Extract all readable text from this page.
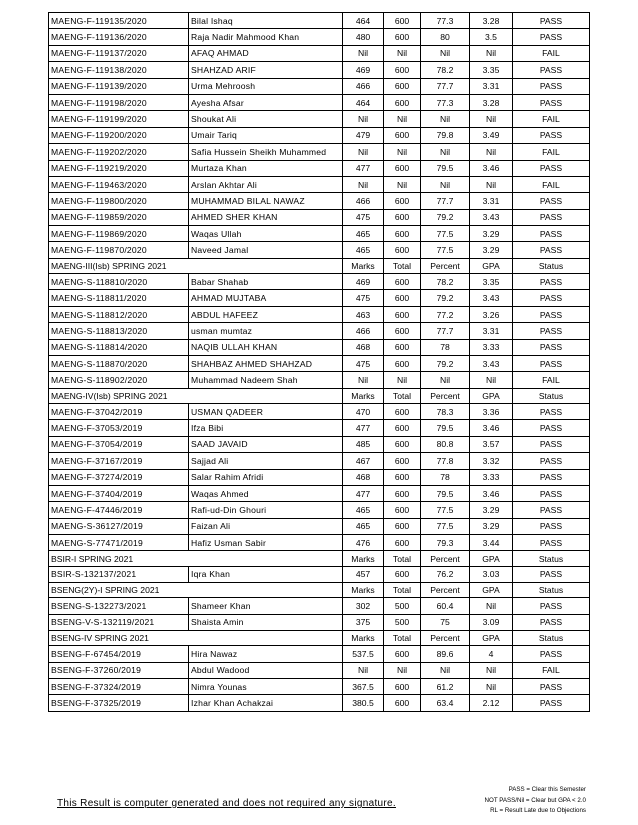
MAENG-F-119135/2020	Bilal Ishaq	464	600	77.3	3.28	PASS
MAENG-F-119136/2020	Raja Nadir Mahmood Khan	480	600	80	3.5	PASS
MAENG-F-119137/2020	AFAQ AHMAD	Nil	Nil	Nil	Nil	FAIL
MAENG-F-119138/2020	SHAHZAD ARIF	469	600	78.2	3.35	PASS
MAENG-F-119139/2020	Urma Mehroosh	466	600	77.7	3.31	PASS
MAENG-F-119198/2020	Ayesha Afsar	464	600	77.3	3.28	PASS
MAENG-F-119199/2020	Shoukat Ali	Nil	Nil	Nil	Nil	FAIL
MAENG-F-119200/2020	Umair Tariq	479	600	79.8	3.49	PASS
MAENG-F-119202/2020	Safia Hussein Sheikh Muhammed	Nil	Nil	Nil	Nil	FAIL
MAENG-F-119219/2020	Murtaza Khan	477	600	79.5	3.46	PASS
MAENG-F-119463/2020	Arslan Akhtar Ali	Nil	Nil	Nil	Nil	FAIL
MAENG-F-119800/2020	MUHAMMAD BILAL NAWAZ	466	600	77.7	3.31	PASS
MAENG-F-119859/2020	AHMED SHER KHAN	475	600	79.2	3.43	PASS
MAENG-F-119869/2020	Waqas Ullah	465	600	77.5	3.29	PASS
MAENG-F-119870/2020	Naveed Jamal	465	600	77.5	3.29	PASS
MAENG-III(Isb) SPRING 2021		Marks	Total	Percent	GPA	Status
MAENG-S-118810/2020	Babar Shahab	469	600	78.2	3.35	PASS
MAENG-S-118811/2020	AHMAD MUJTABA	475	600	79.2	3.43	PASS
MAENG-S-118812/2020	ABDUL HAFEEZ	463	600	77.2	3.26	PASS
MAENG-S-118813/2020	usman mumtaz	466	600	77.7	3.31	PASS
MAENG-S-118814/2020	NAQIB ULLAH KHAN	468	600	78	3.33	PASS
MAENG-S-118870/2020	SHAHBAZ AHMED SHAHZAD	475	600	79.2	3.43	PASS
MAENG-S-118902/2020	Muhammad Nadeem Shah	Nil	Nil	Nil	Nil	FAIL
MAENG-IV(Isb) SPRING 2021		Marks	Total	Percent	GPA	Status
MAENG-F-37042/2019	USMAN QADEER	470	600	78.3	3.36	PASS
MAENG-F-37053/2019	Ifza Bibi	477	600	79.5	3.46	PASS
MAENG-F-37054/2019	SAAD JAVAID	485	600	80.8	3.57	PASS
MAENG-F-37167/2019	Sajjad Ali	467	600	77.8	3.32	PASS
MAENG-F-37274/2019	Salar Rahim Afridi	468	600	78	3.33	PASS
MAENG-F-37404/2019	Waqas Ahmed	477	600	79.5	3.46	PASS
MAENG-F-47446/2019	Rafi-ud-Din Ghouri	465	600	77.5	3.29	PASS
MAENG-S-36127/2019	Faizan Ali	465	600	77.5	3.29	PASS
MAENG-S-77471/2019	Hafiz Usman Sabir	476	600	79.3	3.44	PASS
BSIR-I SPRING 2021		Marks	Total	Percent	GPA	Status
BSIR-S-132137/2021	Iqra Khan	457	600	76.2	3.03	PASS
BSENG(2Y)-I SPRING 2021		Marks	Total	Percent	GPA	Status
BSENG-S-132273/2021	Shameer Khan	302	500	60.4	Nil	PASS
BSENG-V-S-132119/2021	Shaista Amin	375	500	75	3.09	PASS
BSENG-IV SPRING 2021		Marks	Total	Percent	GPA	Status
BSENG-F-67454/2019	Hira Nawaz	537.5	600	89.6	4	PASS
BSENG-F-37260/2019	Abdul Wadood	Nil	Nil	Nil	Nil	FAIL
BSENG-F-37324/2019	Nimra Younas	367.5	600	61.2	Nil	PASS
BSENG-F-37325/2019	Izhar Khan Achakzai	380.5	600	63.4	2.12	PASS
This Result is computer generated and does not required any signature.
PASS = Clear this Semester
NOT PASS/Nil = Clear but GPA < 2.0
RL = Result Late due to Objections
